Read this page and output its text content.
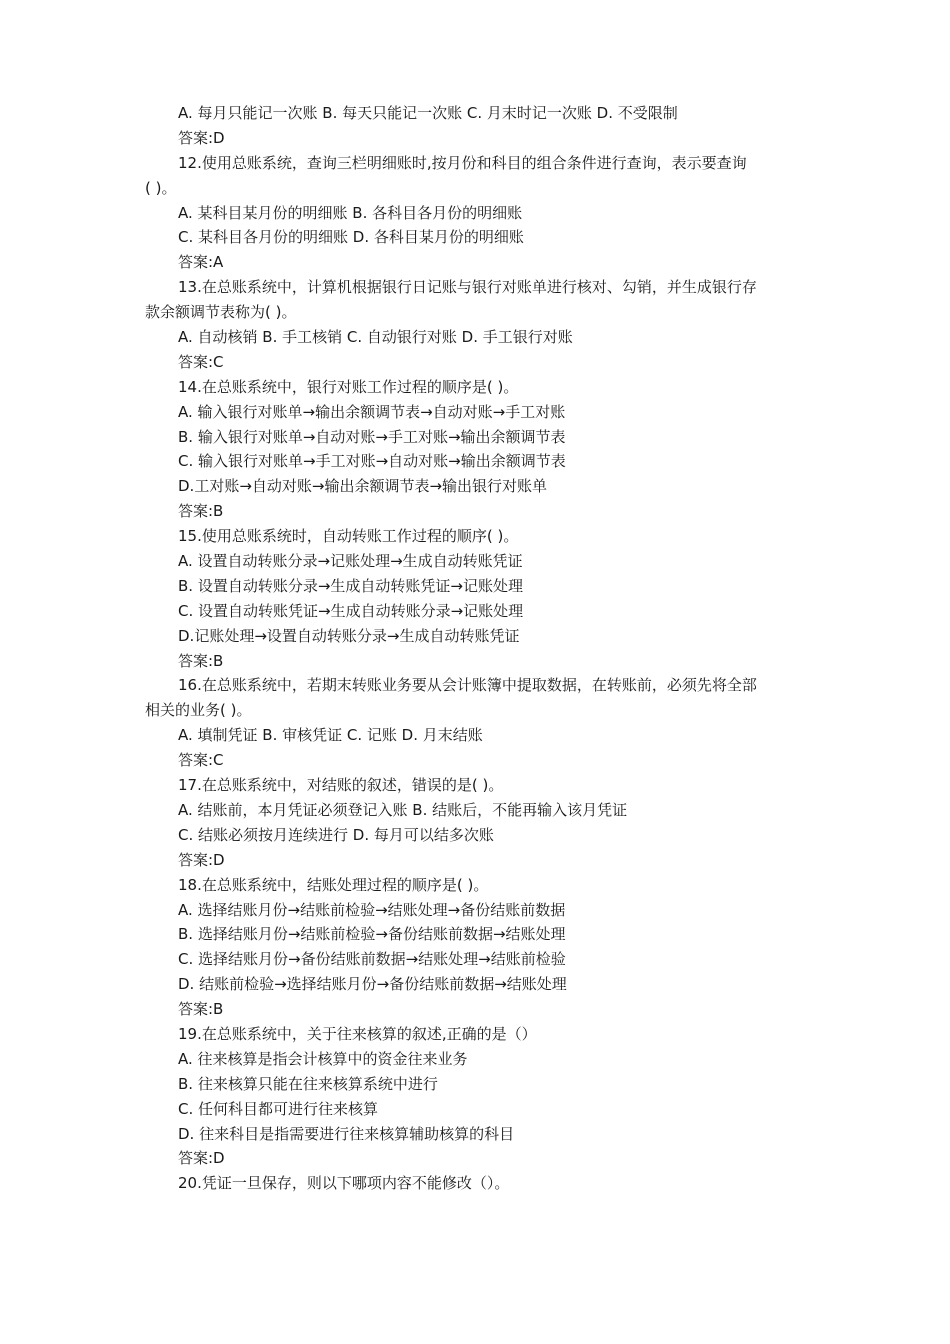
A. 每月只能记一次账 B. 每天只能记一次账 C. 月末时记一次账 D. 不受限制
答案:D
12.使用总账系统，查询三栏明细账时,按月份和科目的组合条件进行查询，表示要查询
( )。
A. 某科目某月份的明细账 B. 各科目各月份的明细账
C. 某科目各月份的明细账 D. 各科目某月份的明细账
答案:A
13.在总账系统中，计算机根据银行日记账与银行对账单进行核对、勾销，并生成银行存
款余额调节表称为( )。
A. 自动核销 B. 手工核销 C. 自动银行对账 D. 手工银行对账
答案:C
14.在总账系统中，银行对账工作过程的顺序是( )。
A. 输入银行对账单→输出余额调节表→自动对账→手工对账
B. 输入银行对账单→自动对账→手工对账→输出余额调节表
C. 输入银行对账单→手工对账→自动对账→输出余额调节表
D.工对账→自动对账→输出余额调节表→输出银行对账单
答案:B
15.使用总账系统时，自动转账工作过程的顺序( )。
A. 设置自动转账分录→记账处理→生成自动转账凭证
B. 设置自动转账分录→生成自动转账凭证→记账处理
C. 设置自动转账凭证→生成自动转账分录→记账处理
D.记账处理→设置自动转账分录→生成自动转账凭证
答案:B
16.在总账系统中，若期末转账业务要从会计账簿中提取数据，在转账前，必须先将全部
相关的业务( )。
A. 填制凭证 B. 审核凭证 C. 记账 D. 月末结账
答案:C
17.在总账系统中，对结账的叙述，错误的是( )。
A. 结账前，本月凭证必须登记入账 B. 结账后，不能再输入该月凭证
C. 结账必须按月连续进行 D. 每月可以结多次账
答案:D
18.在总账系统中，结账处理过程的顺序是( )。
A. 选择结账月份→结账前检验→结账处理→备份结账前数据
B. 选择结账月份→结账前检验→备份结账前数据→结账处理
C. 选择结账月份→备份结账前数据→结账处理→结账前检验
D. 结账前检验→选择结账月份→备份结账前数据→结账处理
答案:B
19.在总账系统中，关于往来核算的叙述,正确的是（）
A. 往来核算是指会计核算中的资金往来业务
B. 往来核算只能在往来核算系统中进行
C. 任何科目都可进行往来核算
D. 往来科目是指需要进行往来核算辅助核算的科目
答案:D
20.凭证一旦保存，则以下哪项内容不能修改（）。
